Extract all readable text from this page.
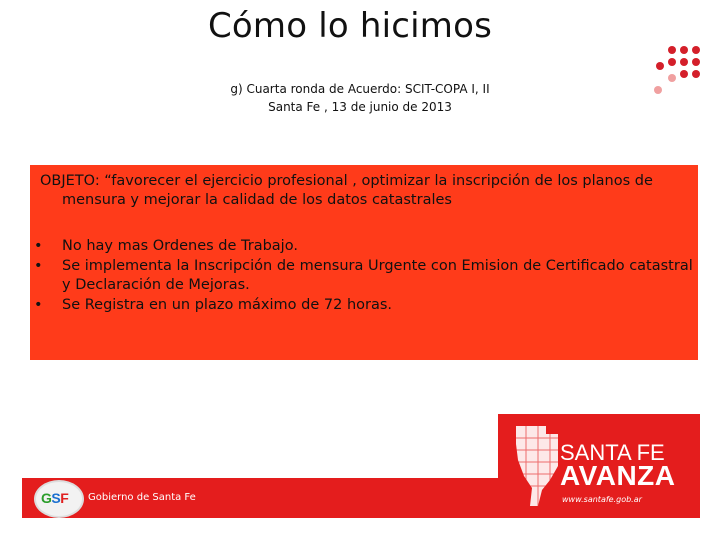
Cómo lo hicimos
g) Cuarta ronda de Acuerdo: SCIT-COPA I, II
Santa Fe , 13 de junio de 2013
OBJETO: “favorecer el ejercicio profesional , optimizar la inscripción de los planos de
mensura y mejorar la calidad de los datos catastrales
• No hay mas Ordenes de Trabajo.
• Se implementa la Inscripción de mensura Urgente con Emision de Certificado catastral y Declaración de Mejoras.
• Se Registra en un plazo máximo de 72 horas.
GSF Gobierno de Santa Fe
SANTA FE
AVANZA
www.santafe.gob.ar
